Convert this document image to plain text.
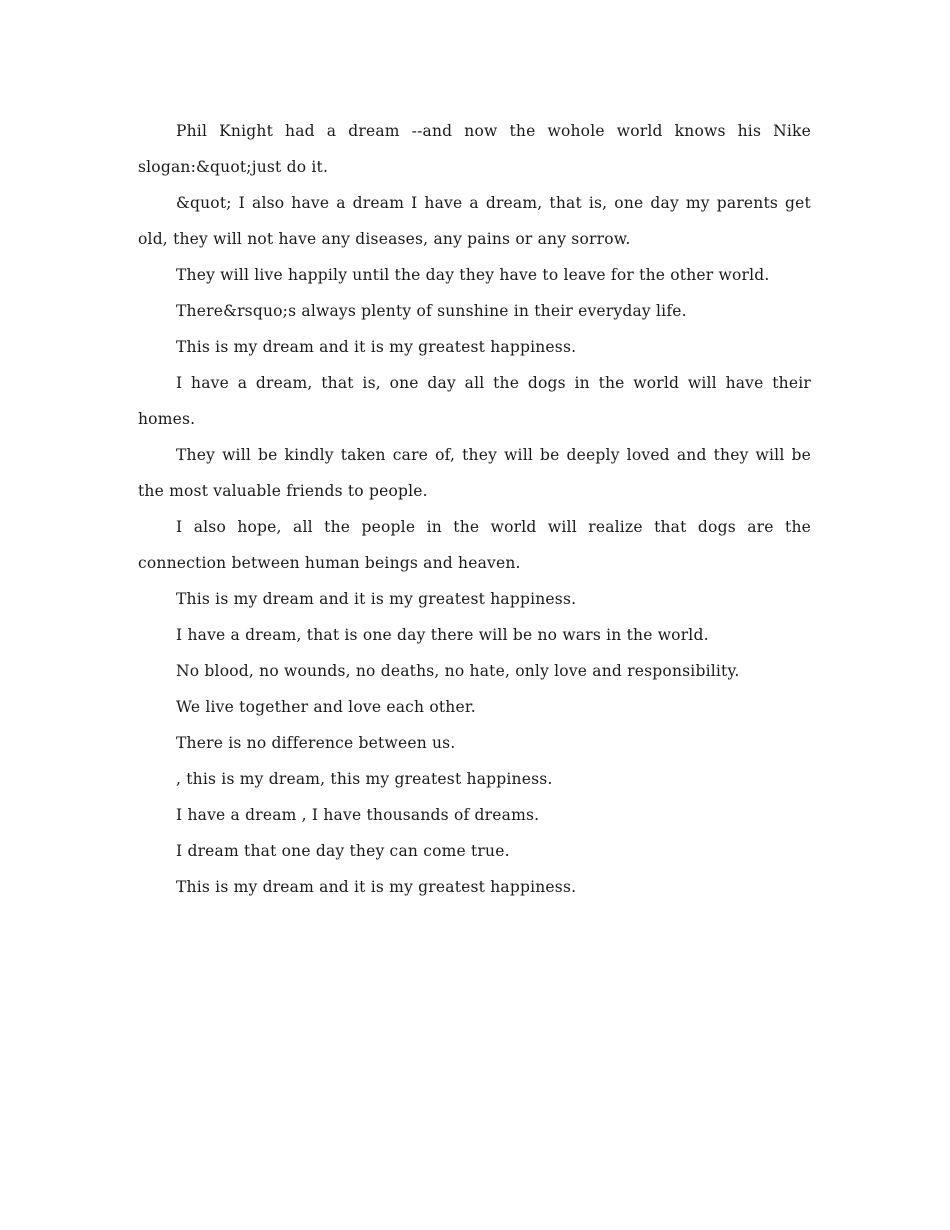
Phil Knight had a dream --and now the wohole world knows his Nike slogan:&quot;just do it.

&quot; I also have a dream I have a dream, that is, one day my parents get old, they will not have any diseases, any pains or any sorrow.

They will live happily until the day they have to leave for the other world.

There&rsquo;s always plenty of sunshine in their everyday life.

This is my dream and it is my greatest happiness.

I have a dream, that is, one day all the dogs in the world will have their homes.

They will be kindly taken care of, they will be deeply loved and they will be the most valuable friends to people.

I also hope, all the people in the world will realize that dogs are the connection between human beings and heaven.

This is my dream and it is my greatest happiness.

I have a dream, that is one day there will be no wars in the world.

No blood, no wounds, no deaths, no hate, only love and responsibility.

We live together and love each other.

There is no difference between us.

, this is my dream, this my greatest happiness.

I have a dream , I have thousands of dreams.

I dream that one day they can come true.

This is my dream and it is my greatest happiness.
